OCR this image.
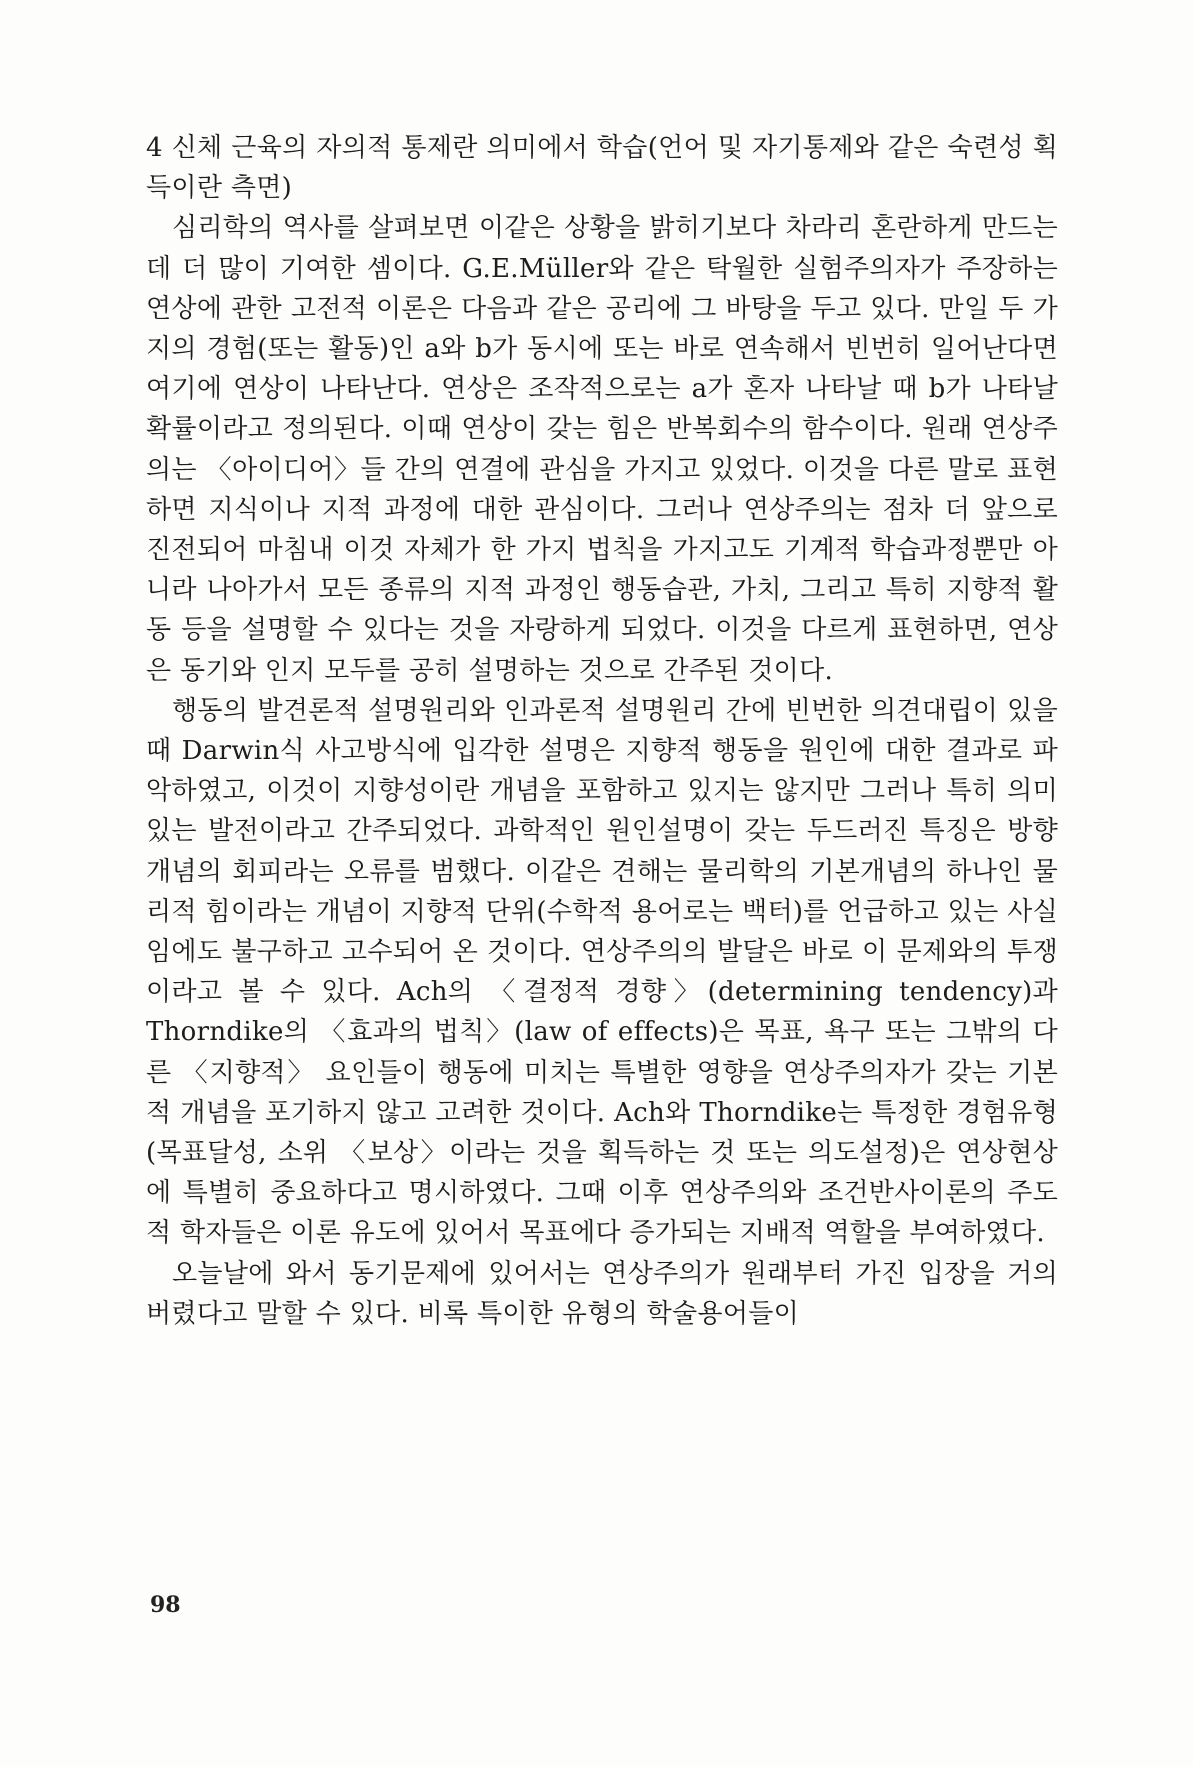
4 신체 근육의 자의적 통제란 의미에서 학습(언어 및 자기통제와 같은 숙련성 획득이란 측면)

심리학의 역사를 살펴보면 이같은 상황을 밝히기보다 차라리 혼란하게 만드는 데 더 많이 기여한 셈이다. G.E.Müller와 같은 탁월한 실험주의자가 주장하는 연상에 관한 고전적 이론은 다음과 같은 공리에 그 바탕을 두고 있다. 만일 두 가지의 경험(또는 활동)인 a와 b가 동시에 또는 바로 연속해서 빈번히 일어난다면 여기에 연상이 나타난다. 연상은 조작적으로는 a가 혼자 나타날 때 b가 나타날 확률이라고 정의된다. 이때 연상이 갖는 힘은 반복회수의 함수이다. 원래 연상주의는 〈아이디어〉들 간의 연결에 관심을 가지고 있었다. 이것을 다른 말로 표현하면 지식이나 지적 과정에 대한 관심이다. 그러나 연상주의는 점차 더 앞으로 진전되어 마침내 이것 자체가 한 가지 법칙을 가지고도 기계적 학습과정뿐만 아니라 나아가서 모든 종류의 지적 과정인 행동습관, 가치, 그리고 특히 지향적 활동 등을 설명할 수 있다는 것을 자랑하게 되었다. 이것을 다르게 표현하면, 연상은 동기와 인지 모두를 공히 설명하는 것으로 간주된 것이다.

행동의 발견론적 설명원리와 인과론적 설명원리 간에 빈번한 의견대립이 있을 때 Darwin식 사고방식에 입각한 설명은 지향적 행동을 원인에 대한 결과로 파악하였고, 이것이 지향성이란 개념을 포함하고 있지는 않지만 그러나 특히 의미있는 발전이라고 간주되었다. 과학적인 원인설명이 갖는 두드러진 특징은 방향개념의 회피라는 오류를 범했다. 이같은 견해는 물리학의 기본개념의 하나인 물리적 힘이라는 개념이 지향적 단위(수학적 용어로는 백터)를 언급하고 있는 사실임에도 불구하고 고수되어 온 것이다. 연상주의의 발달은 바로 이 문제와의 투쟁이라고 볼 수 있다. Ach의 〈결정적 경향〉(determining tendency)과 Thorndike의 〈효과의 법칙〉(law of effects)은 목표, 욕구 또는 그밖의 다른 〈지향적〉 요인들이 행동에 미치는 특별한 영향을 연상주의자가 갖는 기본적 개념을 포기하지 않고 고려한 것이다. Ach와 Thorndike는 특정한 경험유형(목표달성, 소위 〈보상〉이라는 것을 획득하는 것 또는 의도설정)은 연상현상에 특별히 중요하다고 명시하였다. 그때 이후 연상주의와 조건반사이론의 주도적 학자들은 이론 유도에 있어서 목표에다 증가되는 지배적 역할을 부여하였다.

오늘날에 와서 동기문제에 있어서는 연상주의가 원래부터 가진 입장을 거의 버렸다고 말할 수 있다. 비록 특이한 유형의 학술용어들이

98
